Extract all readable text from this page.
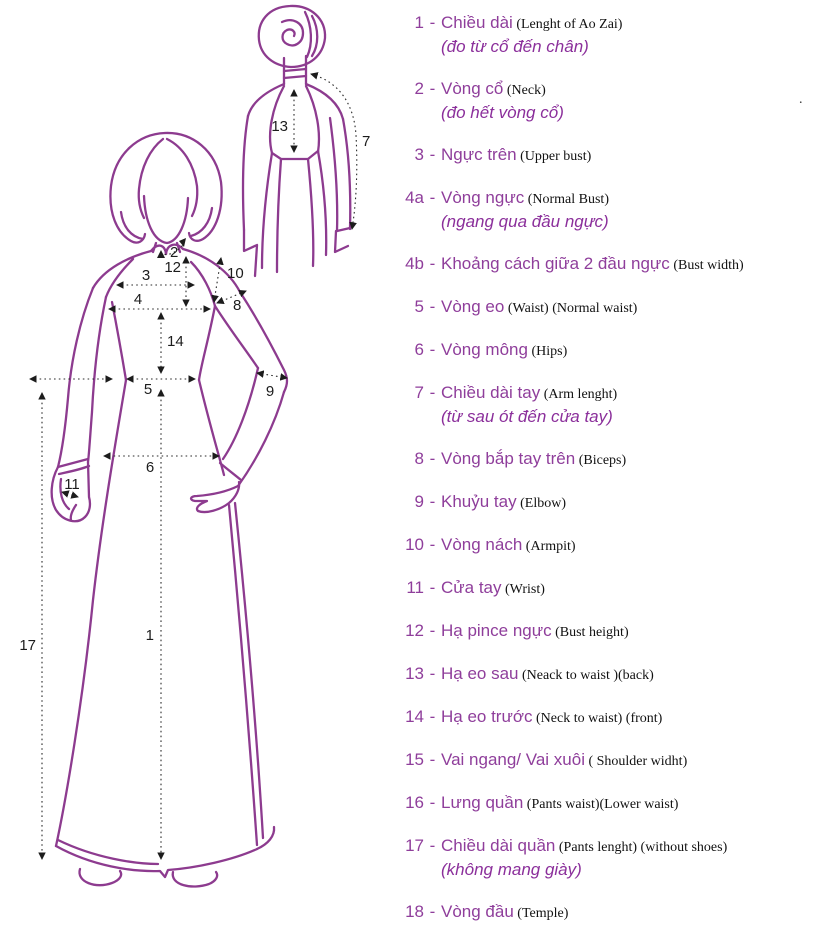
2
12
3
4
10
8
14
5	9
6
11
1
17
13
7
1 - Chiều dài (Lenght of Ao Zai)
(đo từ cổ đến chân)
2 - Vòng cổ (Neck)
(đo hết vòng cổ)
3 - Ngực trên (Upper bust)
4a - Vòng ngực (Normal Bust)
(ngang qua đầu ngực)
4b - Khoảng cách giữa 2 đầu ngực (Bust width)
5 - Vòng eo (Waist) (Normal waist)
6 - Vòng mông (Hips)
7 - Chiều dài tay (Arm lenght)
(từ sau ót đến cửa tay)
8 - Vòng bắp tay trên (Biceps)
9 - Khuỷu tay (Elbow)
10 - Vòng nách (Armpit)
11 - Cửa tay (Wrist)
12 - Hạ pince ngực (Bust height)
13 - Hạ eo sau (Neack to waist )(back)
14 - Hạ eo trước (Neck to waist) (front)
15 - Vai ngang/ Vai xuôi ( Shoulder widht)
16 - Lưng quần (Pants waist)(Lower waist)
17 - Chiều dài quần (Pants lenght) (without shoes)
(không mang giày)
18 - Vòng đầu (Temple)
.
